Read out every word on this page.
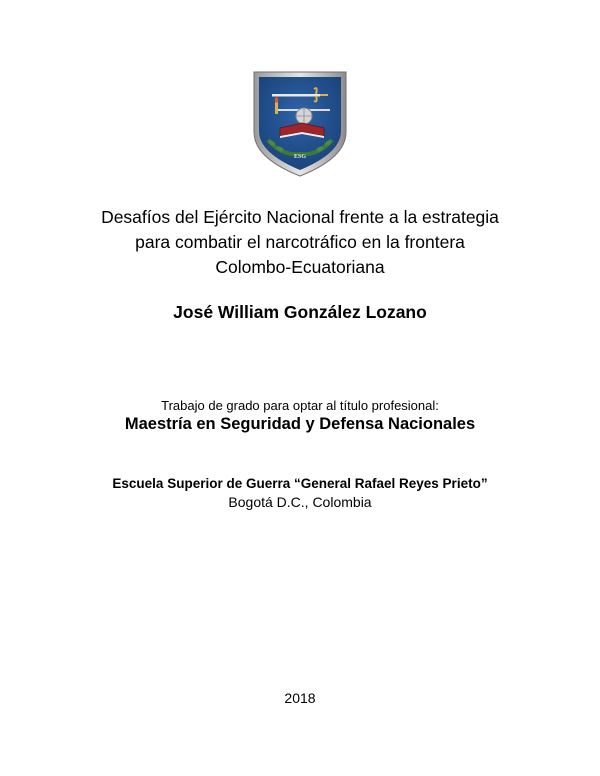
ESG
Desafíos del Ejército Nacional frente a la estrategia
para combatir el narcotráfico en la frontera
Colombo-Ecuatoriana
José William González Lozano
Trabajo de grado para optar al título profesional:
Maestría en Seguridad y Defensa Nacionales
Escuela Superior de Guerra “General Rafael Reyes Prieto”
Bogotá D.C., Colombia
2018
